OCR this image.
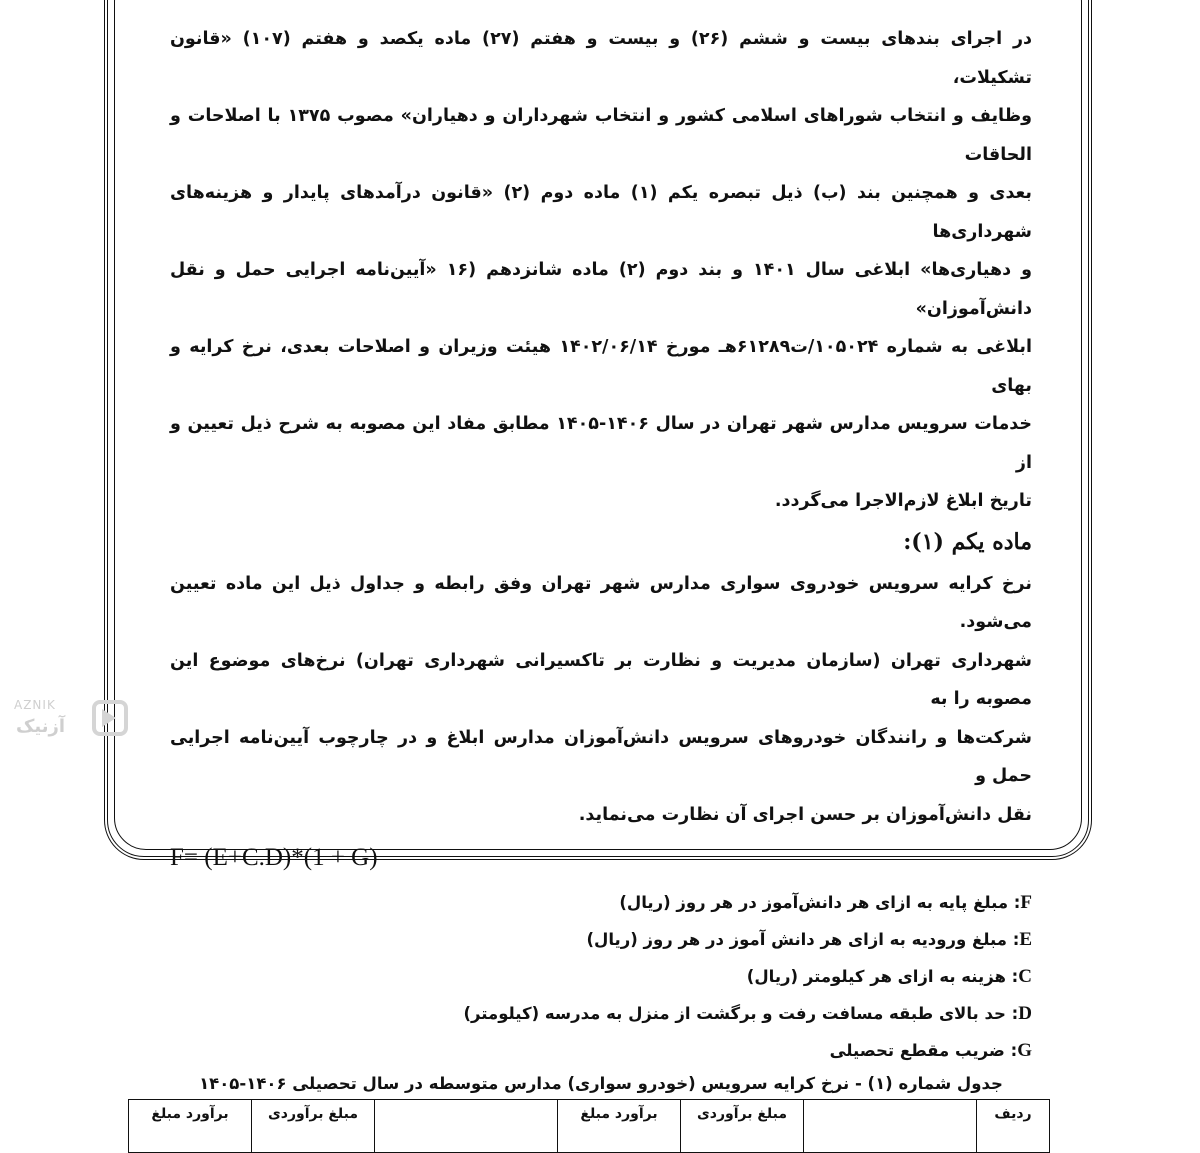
در اجرای بندهای بیست و ششم (۲۶) و بیست و هفتم (۲۷) ماده یکصد و هفتم (۱۰۷) «قانون تشکیلات،

وظایف و انتخاب شوراهای اسلامی کشور و انتخاب شهرداران و دهیاران» مصوب ۱۳۷۵ با اصلاحات و الحاقات

بعدی و همچنین بند (ب) ذیل تبصره یکم (۱) ماده دوم (۲) «قانون درآمدهای پایدار و هزینه‌های شهرداری‌ها

و دهیاری‌ها» ابلاغی سال ۱۴۰۱ و بند دوم (۲) ماده شانزدهم (۱۶ «آیین‌نامه اجرایی حمل و نقل دانش‌آموزان»

ابلاغی به شماره ۱۰۵۰۲۴/ت۶۱۲۸۹هـ مورخ ۱۴۰۲/۰۶/۱۴ هیئت وزیران و اصلاحات بعدی، نرخ کرایه و بهای

خدمات سرویس مدارس شهر تهران در سال ۱۴۰۶-۱۴۰۵ مطابق مفاد این مصوبه به شرح ذیل تعیین و از

تاریخ ابلاغ لازم‌الاجرا می‌گردد.

ماده یکم (۱):

نرخ کرایه سرویس خودروی سواری مدارس شهر تهران وفق رابطه و جداول ذیل این ماده تعیین می‌شود.

شهرداری تهران (سازمان مدیریت و نظارت بر تاکسیرانی شهرداری تهران) نرخ‌های موضوع این مصوبه را به

شرکت‌ها و رانندگان خودروهای سرویس دانش‌آموزان مدارس ابلاغ و در چارچوب آیین‌نامه اجرایی حمل و

نقل دانش‌آموزان بر حسن اجرای آن نظارت می‌نماید.

F= (E+C.D)*(1 + G)
F: مبلغ پایه به ازای هر دانش‌آموز در هر روز (ریال)
E: مبلغ ورودیه به ازای هر دانش آموز در هر روز (ریال)
C: هزینه به ازای هر کیلومتر (ریال)
D: حد بالای طبقه مسافت رفت و برگشت از منزل به مدرسه (کیلومتر)
G: ضریب مقطع تحصیلی
جدول شماره (۱) - نرخ کرایه سرویس (خودرو سواری) مدارس متوسطه در سال تحصیلی ۱۴۰۶-۱۴۰۵
ردیف		مبلغ برآوردی	برآورد مبلغ		مبلغ برآوردی	برآورد مبلغ
AZNIK
آزنیک
